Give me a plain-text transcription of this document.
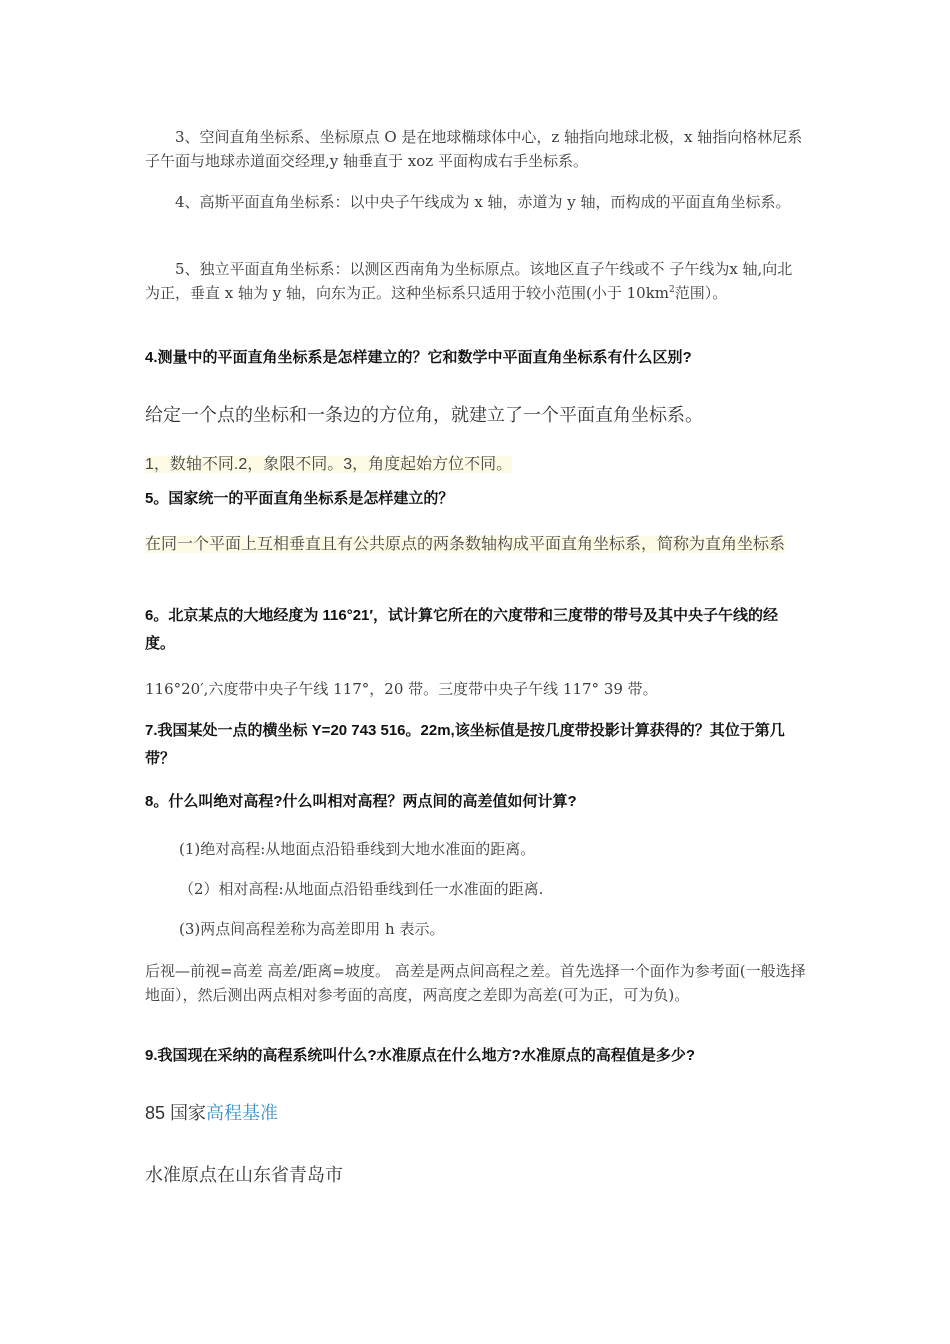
3、空间直角坐标系、坐标原点 O 是在地球椭球体中心，z 轴指向地球北极，x 轴指向格林尼系子午面与地球赤道面交经理,y 轴垂直于 xoz 平面构成右手坐标系。

4、高斯平面直角坐标系：以中央子午线成为 x 轴，赤道为 y 轴，而构成的平面直角坐标系。

5、独立平面直角坐标系：以测区西南角为坐标原点。该地区直子午线或不 子午线为x 轴,向北为正，垂直 x 轴为 y 轴，向东为正。这种坐标系只适用于较小范围(小于 $10km^2$范围）。

4.测量中的平面直角坐标系是怎样建立的？它和数学中平面直角坐标系有什么区别?

给定一个点的坐标和一条边的方位角，就建立了一个平面直角坐标系。

1，数轴不同.2，象限不同。3，角度起始方位不同。

5。国家统一的平面直角坐标系是怎样建立的？

在同一个平面上互相垂直且有公共原点的两条数轴构成平面直角坐标系，简称为直角坐标系

6。北京某点的大地经度为 116°21′，试计算它所在的六度带和三度带的带号及其中央子午线的经度。

116°20′,六度带中央子午线 117°，20 带。三度带中央子午线 117° 39 带。

7.我国某处一点的横坐标 Y=20 743 516。22m,该坐标值是按几度带投影计算获得的？其位于第几带？

8。什么叫绝对高程?什么叫相对高程？两点间的高差值如何计算?

(1)绝对高程:从地面点沿铅垂线到大地水准面的距离。

（2）相对高程:从地面点沿铅垂线到任一水准面的距离.

(3)两点间高程差称为高差即用 h 表示。

后视—前视=高差 高差/距离=坡度。 高差是两点间高程之差。首先选择一个面作为参考面(一般选择地面），然后测出两点相对参考面的高度，两高度之差即为高差(可为正，可为负)。

9.我国现在采纳的高程系统叫什么?水准原点在什么地方?水准原点的高程值是多少?

85 国家高程基准

水准原点在山东省青岛市
